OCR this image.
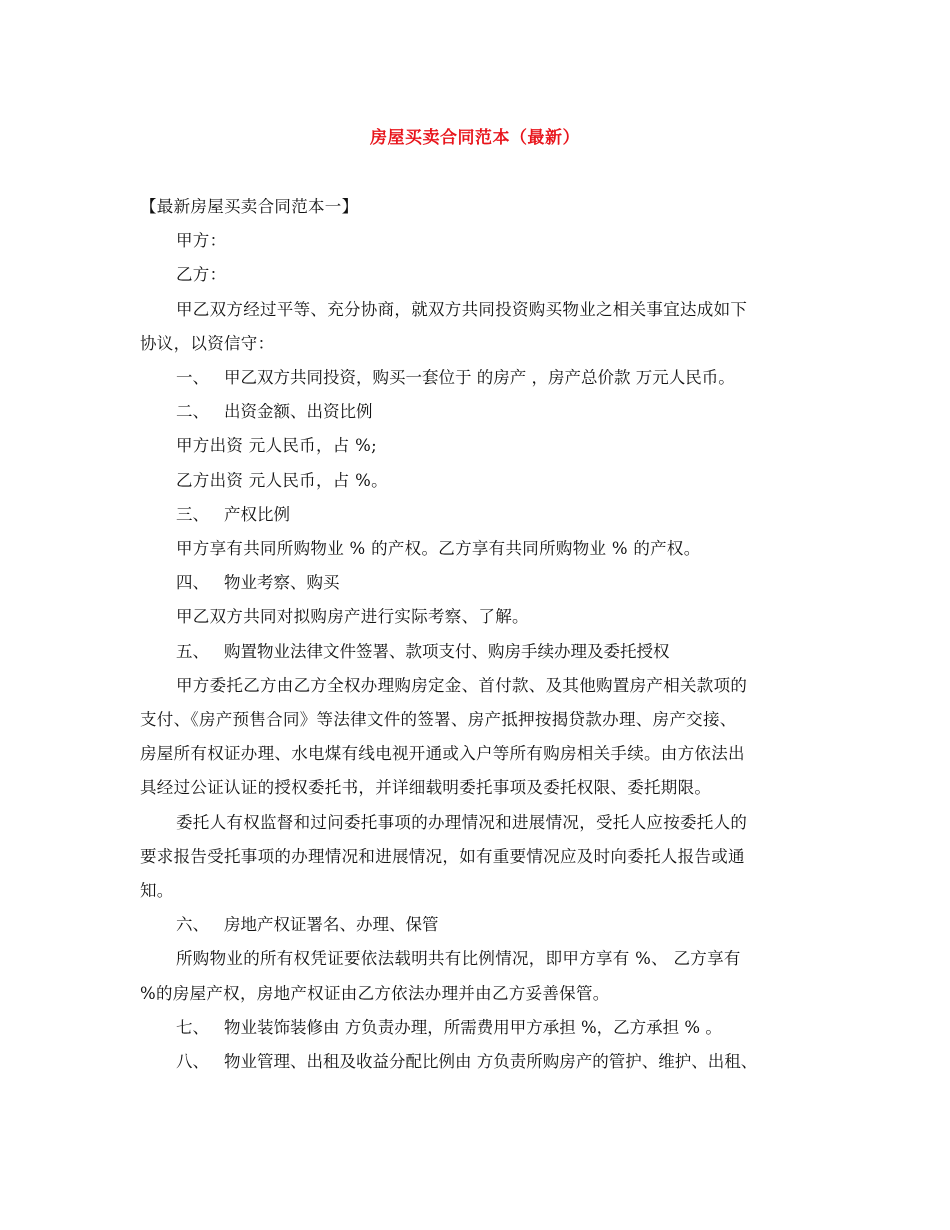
房屋买卖合同范本（最新）
【最新房屋买卖合同范本一】
甲方：
乙方：
甲乙双方经过平等、充分协商，就双方共同投资购买物业之相关事宜达成如下
协议，以资信守：
一、 甲乙双方共同投资，购买一套位于 的房产 ，房产总价款 万元人民币。
二、 出资金额、出资比例
甲方出资 元人民币，占 %;
乙方出资 元人民币，占 %。
三、 产权比例
甲方享有共同所购物业 % 的产权。乙方享有共同所购物业 % 的产权。
四、 物业考察、购买
甲乙双方共同对拟购房产进行实际考察、了解。
五、 购置物业法律文件签署、款项支付、购房手续办理及委托授权
甲方委托乙方由乙方全权办理购房定金、首付款、及其他购置房产相关款项的
支付、《房产预售合同》等法律文件的签署、房产抵押按揭贷款办理、房产交接、
房屋所有权证办理、水电煤有线电视开通或入户等所有购房相关手续。由方依法出
具经过公证认证的授权委托书，并详细载明委托事项及委托权限、委托期限。
委托人有权监督和过问委托事项的办理情况和进展情况，受托人应按委托人的
要求报告受托事项的办理情况和进展情况，如有重要情况应及时向委托人报告或通
知。
六、 房地产权证署名、办理、保管
所购物业的所有权凭证要依法载明共有比例情况，即甲方享有 %、 乙方享有
%的房屋产权，房地产权证由乙方依法办理并由乙方妥善保管。
七、 物业装饰装修由 方负责办理，所需费用甲方承担 %，乙方承担 % 。
八、 物业管理、出租及收益分配比例由 方负责所购房产的管护、维护、出租、
